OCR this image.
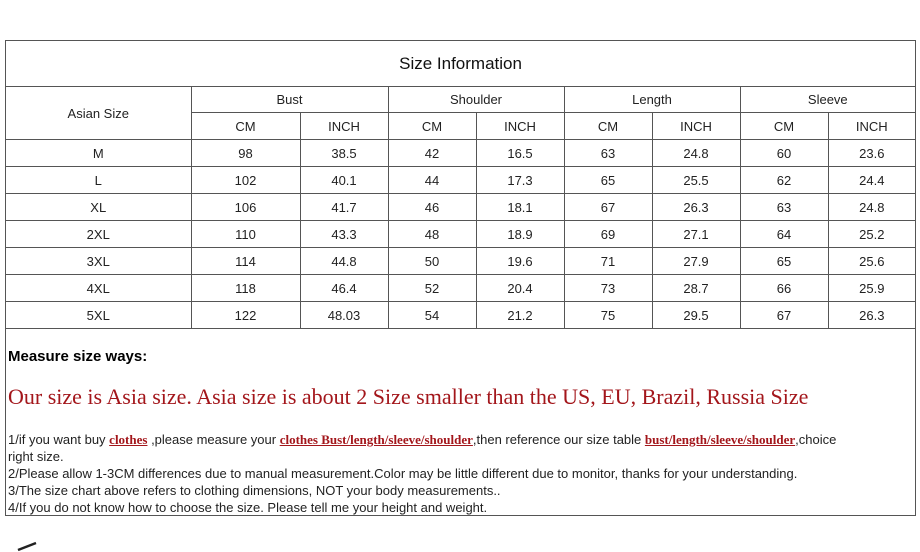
Size Information								
Asian Size	Bust		Shoulder		Length		Sleeve	
	CM	INCH	CM	INCH	CM	INCH	CM	INCH
M	98	38.5	42	16.5	63	24.8	60	23.6
L	102	40.1	44	17.3	65	25.5	62	24.4
XL	106	41.7	46	18.1	67	26.3	63	24.8
2XL	110	43.3	48	18.9	69	27.1	64	25.2
3XL	114	44.8	50	19.6	71	27.9	65	25.6
4XL	118	46.4	52	20.4	73	28.7	66	25.9
5XL	122	48.03	54	21.2	75	29.5	67	26.3
Measure size ways:
Our size is Asia size. Asia size is about 2 Size smaller than the US, EU, Brazil, Russia Size
1/if you want buy clothes ,please measure your clothes Bust/length/sleeve/shoulder,then reference our size table bust/length/sleeve/shoulder,choice
right size.
2/Please allow 1-3CM differences due to manual measurement.Color may be little different due to monitor, thanks for your understanding.
3/The size chart above refers to clothing dimensions, NOT your body measurements..
4/If you do not know how to choose the size. Please tell me your height and weight.
